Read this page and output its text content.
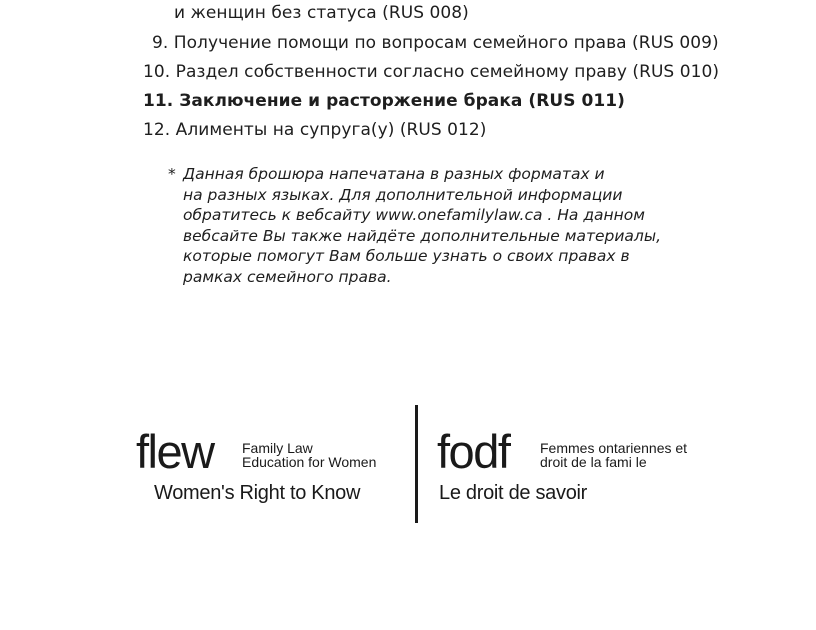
и женщин без статуса (RUS 008)
9. Получение помощи по вопросам семейного права (RUS 009)
10. Раздел собственности согласно семейному праву (RUS 010)
11. Заключение и расторжение брака (RUS 011)
12. Алименты на супруга(у) (RUS 012)
* Данная брошюра напечатана в разных форматах и
на разных языках. Для дополнительной информации
обратитесь к вебсайту www.onefamilylaw.ca . На данном
вебсайте Вы также найдёте дополнительные материалы,
которые помогут Вам больше узнать о своих правах в
рамках семейного права.
flew Family Law
Education for Women
Women's Right to Know
fodf Femmes ontariennes et
droit de la fami le
Le droit de savoir
